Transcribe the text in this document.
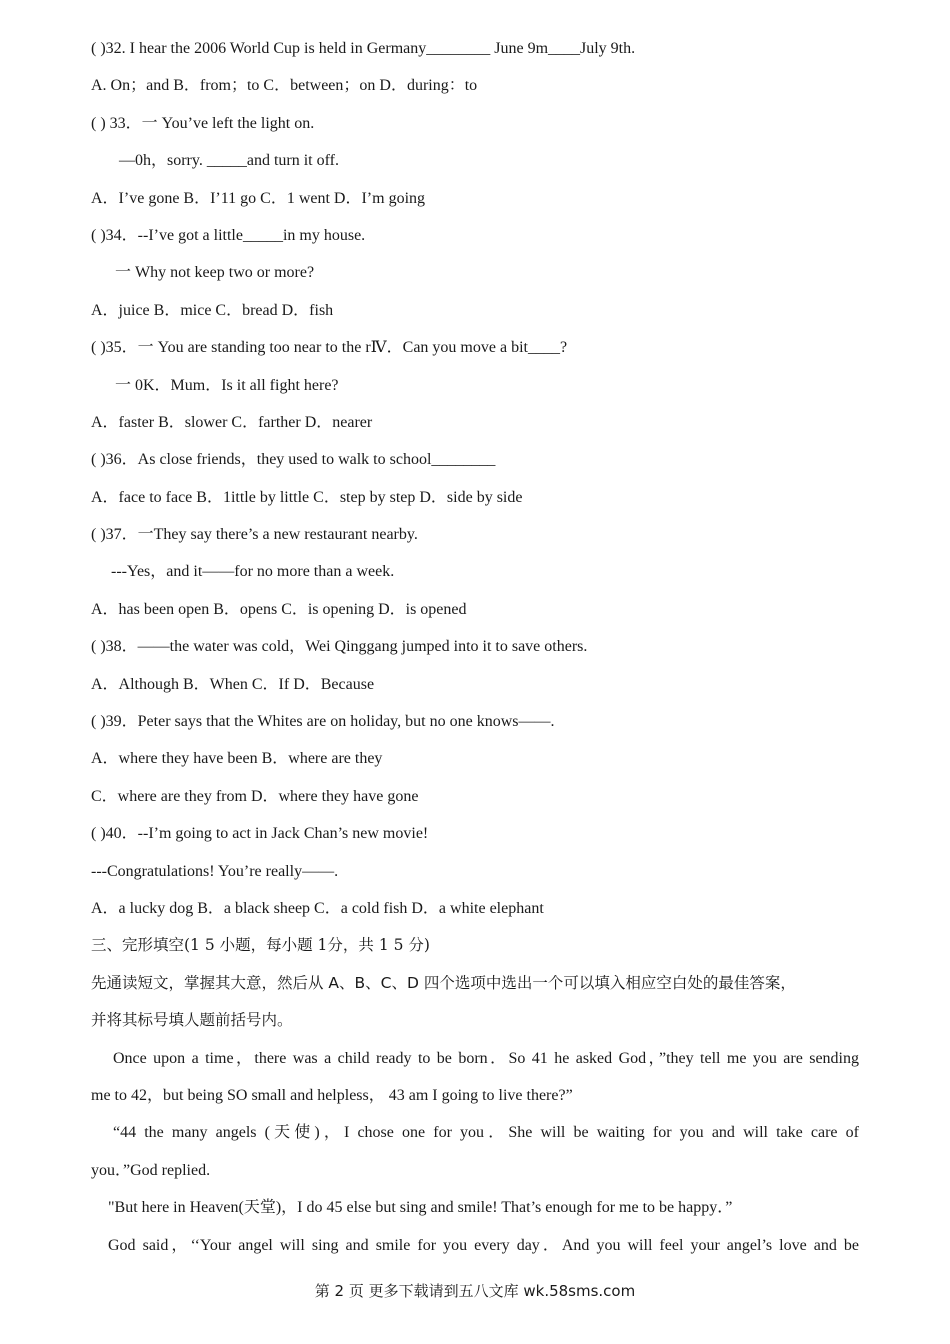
( )32. I hear the 2006 World Cup is held in Germany________ June 9m____July 9th.
A. On；and B．from；to C．between；on D．during：to
( ) 33．一 You’ve left the light on.
—0h，sorry. _____and turn it off.
A．I’ve gone B．I’11 go C．1 went D．I’m going
( )34．--I’ve got a little_____in my house.
一 Why not keep two or more?
A．juice B．mice C．bread D．fish
( )35．一 You are standing too near to the rⅣ．Can you move a bit____?
一 0K．Mum．Is it all fight here?
A．faster B．slower C．farther D．nearer
( )36．As close friends，they used to walk to school________
A．face to face B．1ittle by little C．step by step D．side by side
( )37．一They say there’s a new restaurant nearby.
---Yes，and it——for no more than a week.
A．has been open B．opens C．is opening D．is opened
( )38．——the water was cold，Wei Qinggang jumped into it to save others.
A．Although B．When C．If D．Because
( )39．Peter says that the Whites are on holiday, but no one knows——.
A．where they have been B．where are they
C．where are they from D．where they have gone
( )40．--I’m going to act in Jack Chan’s new movie!
---Congratulations! You’re really——.
A．a lucky dog B．a black sheep C．a cold fish D．a white elephant
三、完形填空(1 5 小题，每小题 1分，共 1 5 分)
先通读短文，掌握其大意，然后从 A、B、C、D 四个选项中选出一个可以填入相应空白处的最佳答案，
并将其标号填人题前括号内。
Once upon a time，there was a child ready to be born．So 41 he asked God，”they tell me you are sending
me to 42，but being SO small and helpless， 43 am I going to live there?”
“44 the many angels (天使)，I chose one for you．She will be waiting for you and will take care of
you．”God replied.
"But here in Heaven(天堂)，I do 45 else but sing and smile! That’s enough for me to be happy．”
God said，‘‘Your angel will sing and smile for you every day．And you will feel your angel’s love and be
第 2 页 更多下载请到五八文库 wk.58sms.com
